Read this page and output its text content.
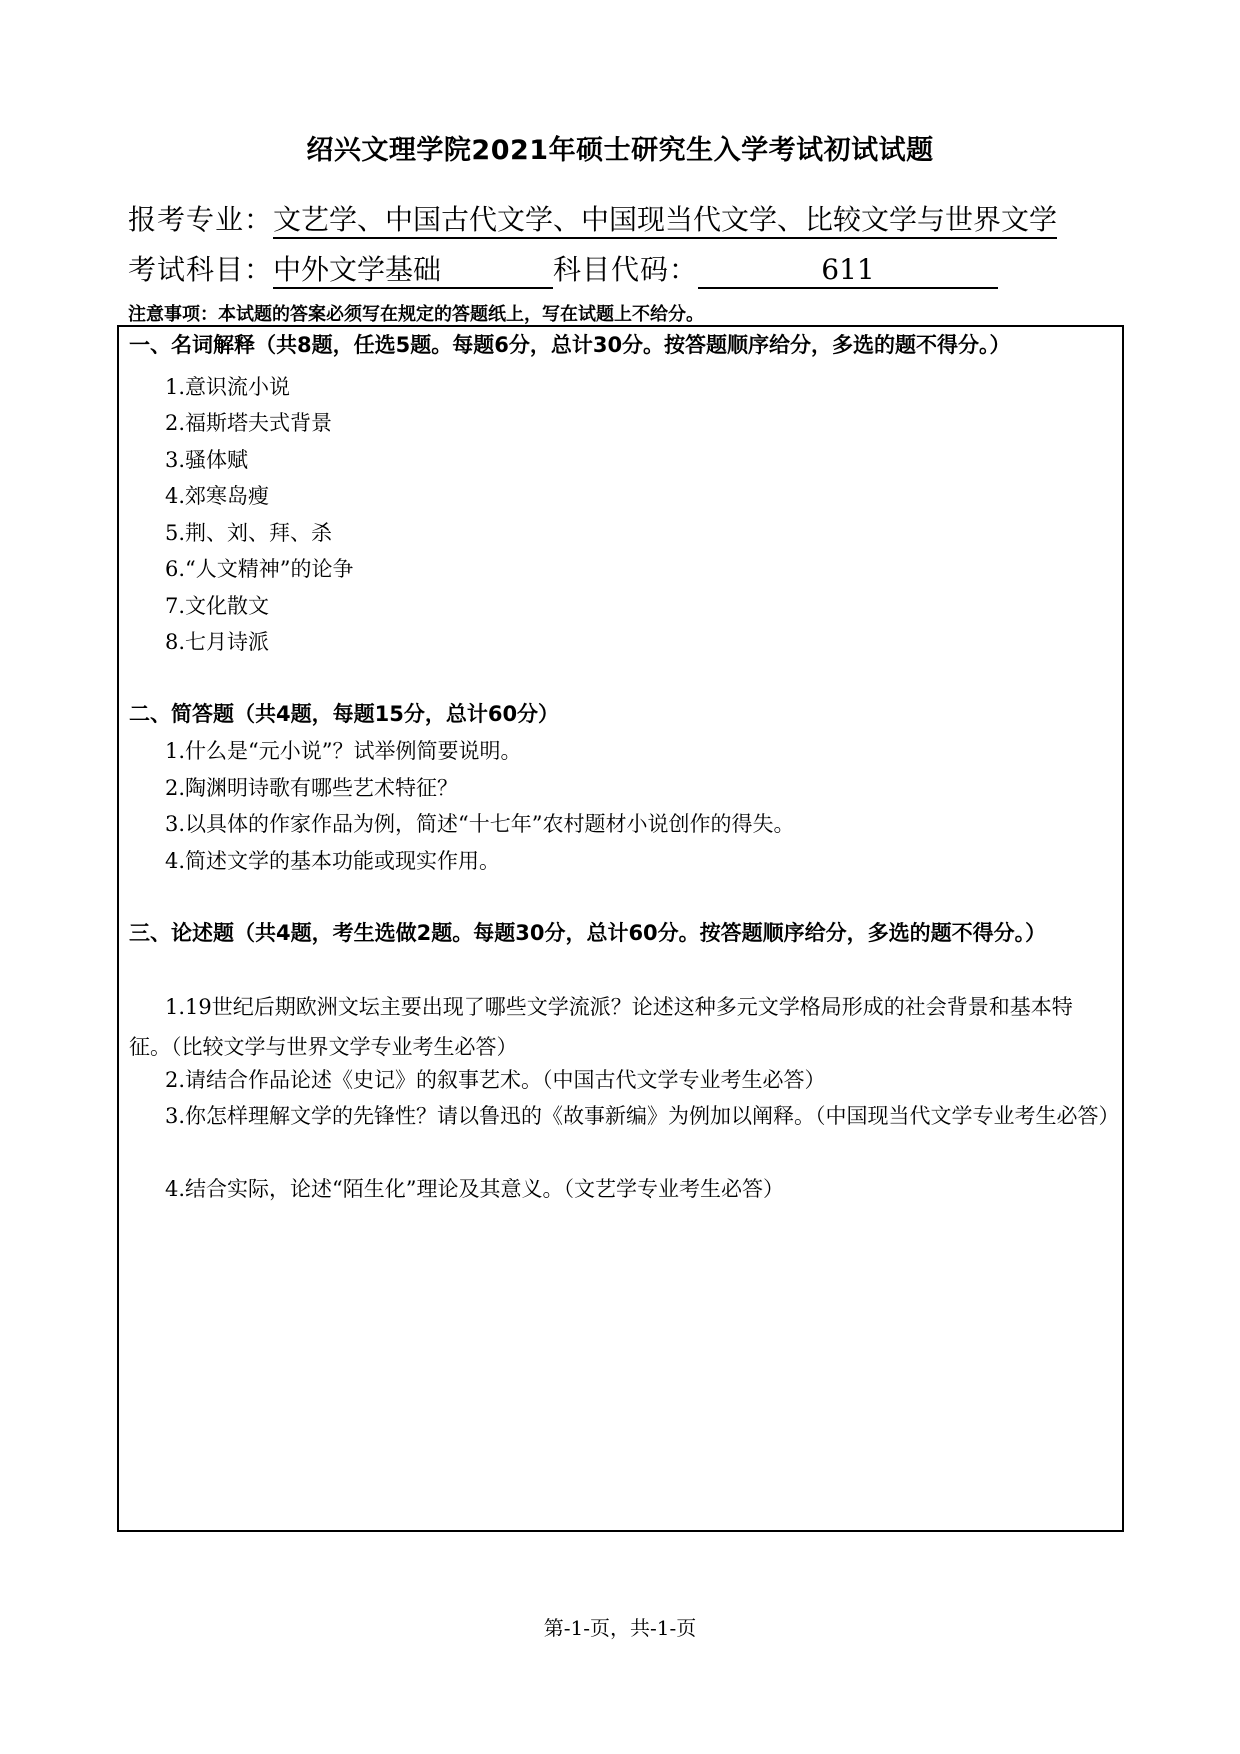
绍兴文理学院2021年硕士研究生入学考试初试试题
报考专业：文艺学、中国古代文学、中国现当代文学、比较文学与世界文学
考试科目：中外文学基础	科目代码：	611
注意事项：本试题的答案必须写在规定的答题纸上，写在试题上不给分。
一、名词解释（共8题，任选5题。每题6分，总计30分。按答题顺序给分，多选的题不得分。）
1.意识流小说
2.福斯塔夫式背景
3.骚体赋
4.郊寒岛瘦
5.荆、刘、拜、杀
6.“人文精神”的论争
7.文化散文
8.七月诗派
二、简答题（共4题，每题15分，总计60分）
1.什么是“元小说”？试举例简要说明。
2.陶渊明诗歌有哪些艺术特征？
3.以具体的作家作品为例，简述“十七年”农村题材小说创作的得失。
4.简述文学的基本功能或现实作用。
三、论述题（共4题，考生选做2题。每题30分，总计60分。按答题顺序给分，多选的题不得分。）
1.19世纪后期欧洲文坛主要出现了哪些文学流派？论述这种多元文学格局形成的社会背景和基本特征。（比较文学与世界文学专业考生必答）
2.请结合作品论述《史记》的叙事艺术。（中国古代文学专业考生必答）
3.你怎样理解文学的先锋性？请以鲁迅的《故事新编》为例加以阐释。（中国现当代文学专业考生必答）
4.结合实际，论述“陌生化”理论及其意义。（文艺学专业考生必答）
第-1-页，共-1-页
